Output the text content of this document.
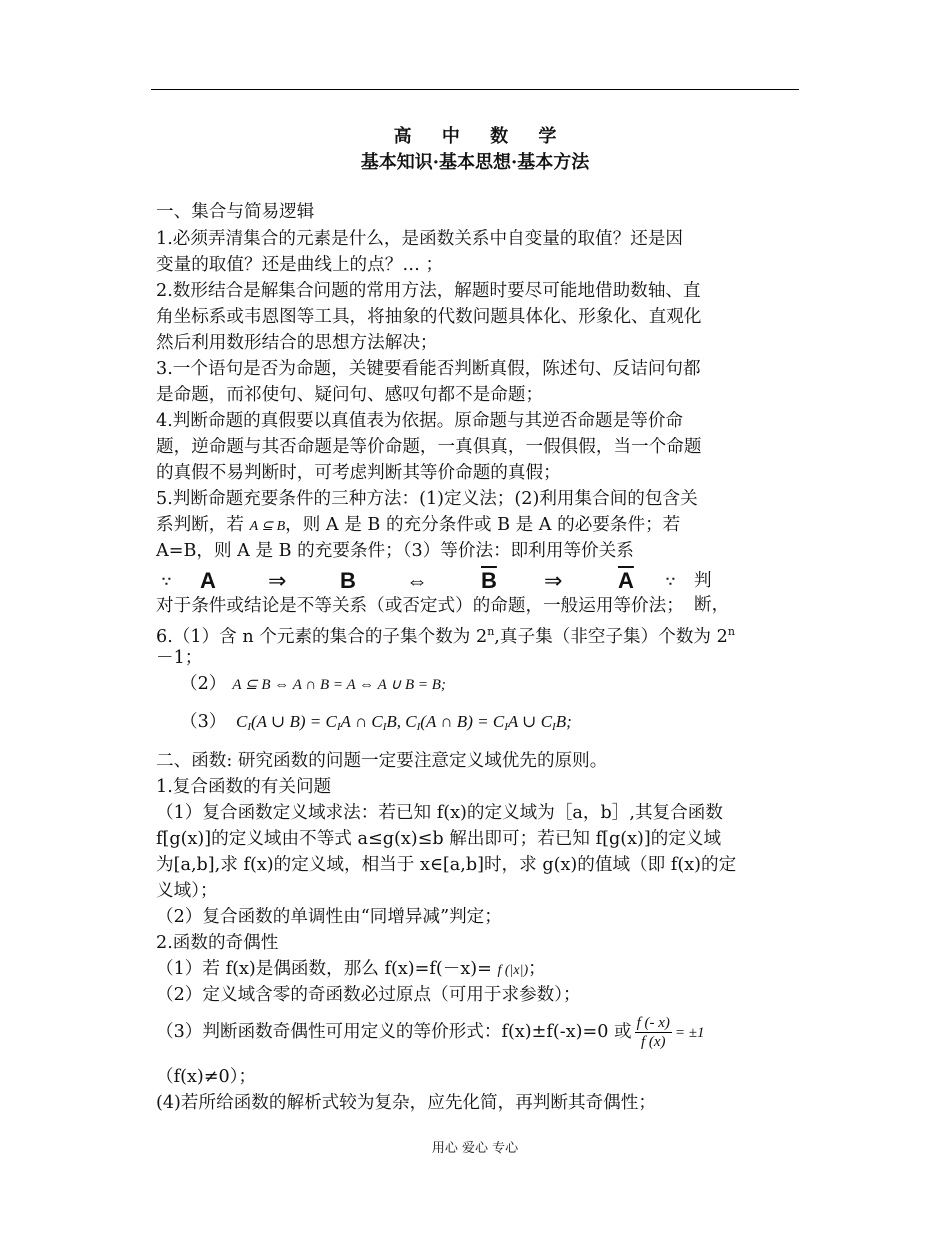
高 中 数 学
基本知识·基本思想·基本方法
一、集合与简易逻辑
1.必须弄清集合的元素是什么，是函数关系中自变量的取值？还是因
变量的取值？还是曲线上的点？… ；
2.数形结合是解集合问题的常用方法，解题时要尽可能地借助数轴、直
角坐标系或韦恩图等工具，将抽象的代数问题具体化、形象化、直观化
然后利用数形结合的思想方法解决；
3.一个语句是否为命题，关键要看能否判断真假，陈述句、反诘问句都
是命题，而祁使句、疑问句、感叹句都不是命题；
4.判断命题的真假要以真值表为依据。原命题与其逆否命题是等价命
题，逆命题与其否命题是等价命题，一真俱真，一假俱假，当一个命题
的真假不易判断时，可考虑判断其等价命题的真假；
5.判断命题充要条件的三种方法：(1)定义法；(2)利用集合间的包含关
系判断，若 A ⊆ B，则 A 是 B 的充分条件或 B 是 A 的必要条件；若
A=B，则 A 是 B 的充要条件；（3）等价法：即利用等价关系
∵ A ⇒ B ⇔ $\overline{B}$ ⇒	$\overline{A}$ ∵ 判断，
对于条件或结论是不等关系（或否定式）的命题，一般运用等价法；
6.（1）含 n 个元素的集合的子集个数为 2$^n$,真子集（非空子集）个数为 $2^n$
－1；
（2） A ⊆ B ⇔ A ∩ B = A ⇔ A ∪ B = B;
（3） $C_I(A$ ∪ $B) = C_IA$ ∩ $C_IB$, $C_I(A$ ∩ $B) = C_IA$ ∪ $C_IB$;
二、函数: 研究函数的问题一定要注意定义域优先的原则。
1.复合函数的有关问题
（1）复合函数定义域求法：若已知 f(x)的定义域为［a，b］,其复合函数
f[g(x)]的定义域由不等式 a≤g(x)≤b 解出即可；若已知 f[g(x)]的定义域
为[a,b],求 f(x)的定义域，相当于 x∈[a,b]时，求 g(x)的值域（即 f(x)的定
义域）；
（2）复合函数的单调性由“同增异减”判定；
2.函数的奇偶性
（1）若 f(x)是偶函数，那么 f(x)=f(－x)= f (|x|)；
（2）定义域含零的奇函数必过原点（可用于求参数）；
（3）判断函数奇偶性可用定义的等价形式：f(x)±f(-x)=0 或 $\frac{f (- x)}{f (x)} = \pm 1$
（f(x)≠0）；
(4)若所给函数的解析式较为复杂，应先化简，再判断其奇偶性；
用心 爱心 专心
